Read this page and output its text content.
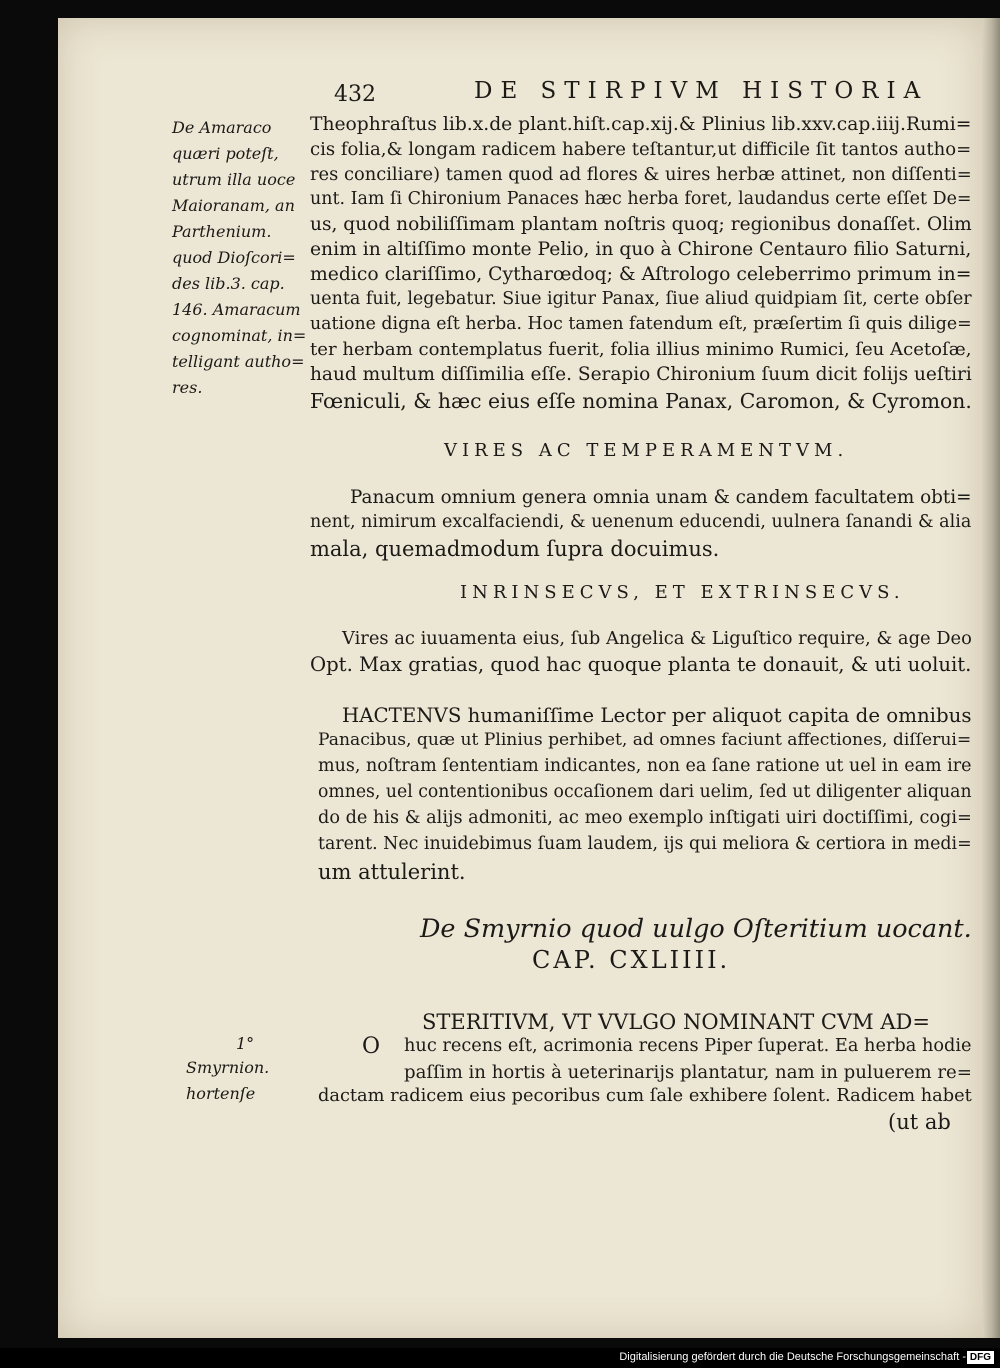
432	DE STIRPIVM HISTORIA
De Amaraco
quæri poteſt,
utrum illa uoce
Maioranam, an
Parthenium.
quod Dioſcori=
des lib.3. cap.
146. Amaracum
cognominat, in=
telligant autho=
res.
Theophraſtus lib.x.de plant.hiſt.cap.xij.& Plinius lib.xxv.cap.iiij.Rumi=
cis folia,& longam radicem habere teſtantur,ut difficile ſit tantos autho=
res conciliare) tamen quod ad flores & uires herbæ attinet, non diſſenti=
unt. Iam ſi Chironium Panaces hæc herba foret, laudandus certe eſſet De=
us, quod nobiliſſimam plantam noſtris quoq; regionibus donaſſet. Olim
enim in altiſſimo monte Pelio, in quo à Chirone Centauro filio Saturni,
medico clariſſimo, Cytharœdoq; & Aſtrologo celeberrimo primum in=
uenta fuit, legebatur. Siue igitur Panax, ſiue aliud quidpiam ſit, certe obſer
uatione digna eſt herba. Hoc tamen fatendum eſt, præſertim ſi quis dilige=
ter herbam contemplatus fuerit, folia illius minimo Rumici, ſeu Acetoſæ,
haud multum diſſimilia eſſe. Serapio Chironium ſuum dicit folijs ueſtiri
Fœniculi, & hæc eius eſſe nomina Panax, Caromon, & Cyromon.
VIRES AC TEMPERAMENTVM.
Panacum omnium genera omnia unam & candem facultatem obti=
nent, nimirum excalfaciendi, & uenenum educendi, uulnera ſanandi & alia
mala, quemadmodum ſupra docuimus.
INRINSECVS, ET EXTRINSECVS.
Vires ac iuuamenta eius, ſub Angelica & Liguſtico require, & age Deo
Opt. Max gratias, quod hac quoque planta te donauit, & uti uoluit.
HACTENVS humaniſſime Lector per aliquot capita de omnibus
Panacibus, quæ ut Plinius perhibet, ad omnes faciunt affectiones, diſſerui=
mus, noſtram ſententiam indicantes, non ea ſane ratione ut uel in eam ire
omnes, uel contentionibus occaſionem dari uelim, ſed ut diligenter aliquan
do de his & alijs admoniti, ac meo exemplo inſtigati uiri doctiſſimi, cogi=
tarent. Nec inuidebimus ſuam laudem, ijs qui meliora & certiora in medi=
um attulerint.
De Smyrnio quod uulgo Oſteritium uocant.
CAP. CXLIIII.
1°
Smyrnion.
hortenſe
STERITIVM, VT VVLGO NOMINANT CVM AD=
O huc recens eſt, acrimonia recens Piper ſuperat. Ea herba hodie
paſſim in hortis à ueterinarijs plantatur, nam in puluerem re=
dactam radicem eius pecoribus cum ſale exhibere ſolent. Radicem habet
(ut ab
Digitalisierung gefördert durch die Deutsche Forschungsgemeinschaft - DFG
